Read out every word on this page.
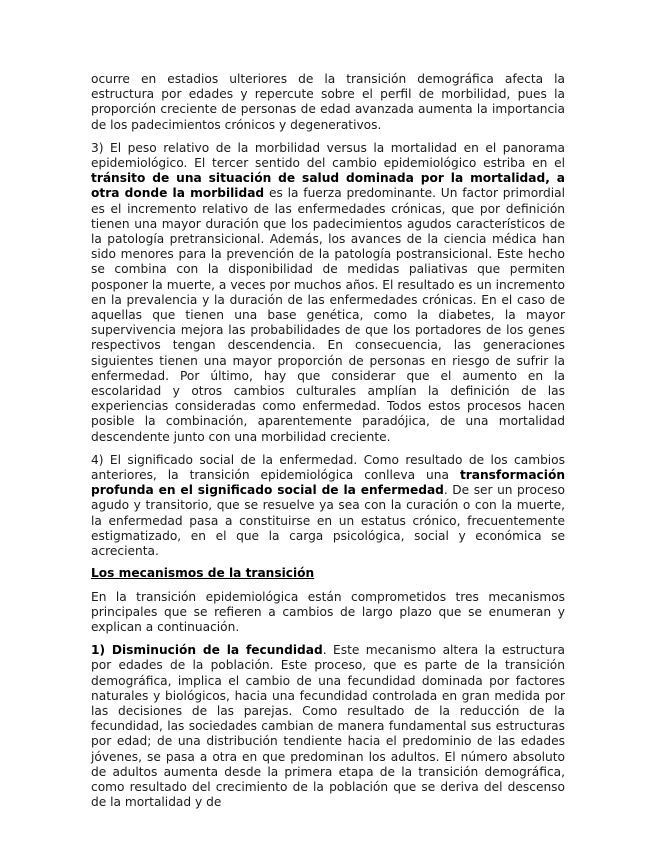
ocurre en estadios ulteriores de la transición demográfica afecta la estructura por edades y repercute sobre el perfil de morbilidad, pues la proporción creciente de personas de edad avanzada aumenta la importancia de los padecimientos crónicos y degenerativos.

3) El peso relativo de la morbilidad versus la mortalidad en el panorama epidemiológico. El tercer sentido del cambio epidemiológico estriba en el tránsito de una situación de salud dominada por la mortalidad, a otra donde la morbilidad es la fuerza predominante. Un factor primordial es el incremento relativo de las enfermedades crónicas, que por definición tienen una mayor duración que los padecimientos agudos característicos de la patología pretransicional. Además, los avances de la ciencia médica han sido menores para la prevención de la patología postransicional. Este hecho se combina con la disponibilidad de medidas paliativas que permiten posponer la muerte, a veces por muchos años. El resultado es un incremento en la prevalencia y la duración de las enfermedades crónicas. En el caso de aquellas que tienen una base genética, como la diabetes, la mayor supervivencia mejora las probabilidades de que los portadores de los genes respectivos tengan descendencia. En consecuencia, las generaciones siguientes tienen una mayor proporción de personas en riesgo de sufrir la enfermedad. Por último, hay que considerar que el aumento en la escolaridad y otros cambios culturales amplían la definición de las experiencias consideradas como enfermedad. Todos estos procesos hacen posible la combinación, aparentemente paradójica, de una mortalidad descendente junto con una morbilidad creciente.

4) El significado social de la enfermedad. Como resultado de los cambios anteriores, la transición epidemiológica conlleva una transformación profunda en el significado social de la enfermedad. De ser un proceso agudo y transitorio, que se resuelve ya sea con la curación o con la muerte, la enfermedad pasa a constituirse en un estatus crónico, frecuentemente estigmatizado, en el que la carga psicológica, social y económica se acrecienta.

Los mecanismos de la transición

En la transición epidemiológica están comprometidos tres mecanismos principales que se refieren a cambios de largo plazo que se enumeran y explican a continuación.

1) Disminución de la fecundidad. Este mecanismo altera la estructura por edades de la población. Este proceso, que es parte de la transición demográfica, implica el cambio de una fecundidad dominada por factores naturales y biológicos, hacia una fecundidad controlada en gran medida por las decisiones de las parejas. Como resultado de la reducción de la fecundidad, las sociedades cambian de manera fundamental sus estructuras por edad; de una distribución tendiente hacia el predominio de las edades jóvenes, se pasa a otra en que predominan los adultos. El número absoluto de adultos aumenta desde la primera etapa de la transición demográfica, como resultado del crecimiento de la población que se deriva del descenso de la mortalidad y de
